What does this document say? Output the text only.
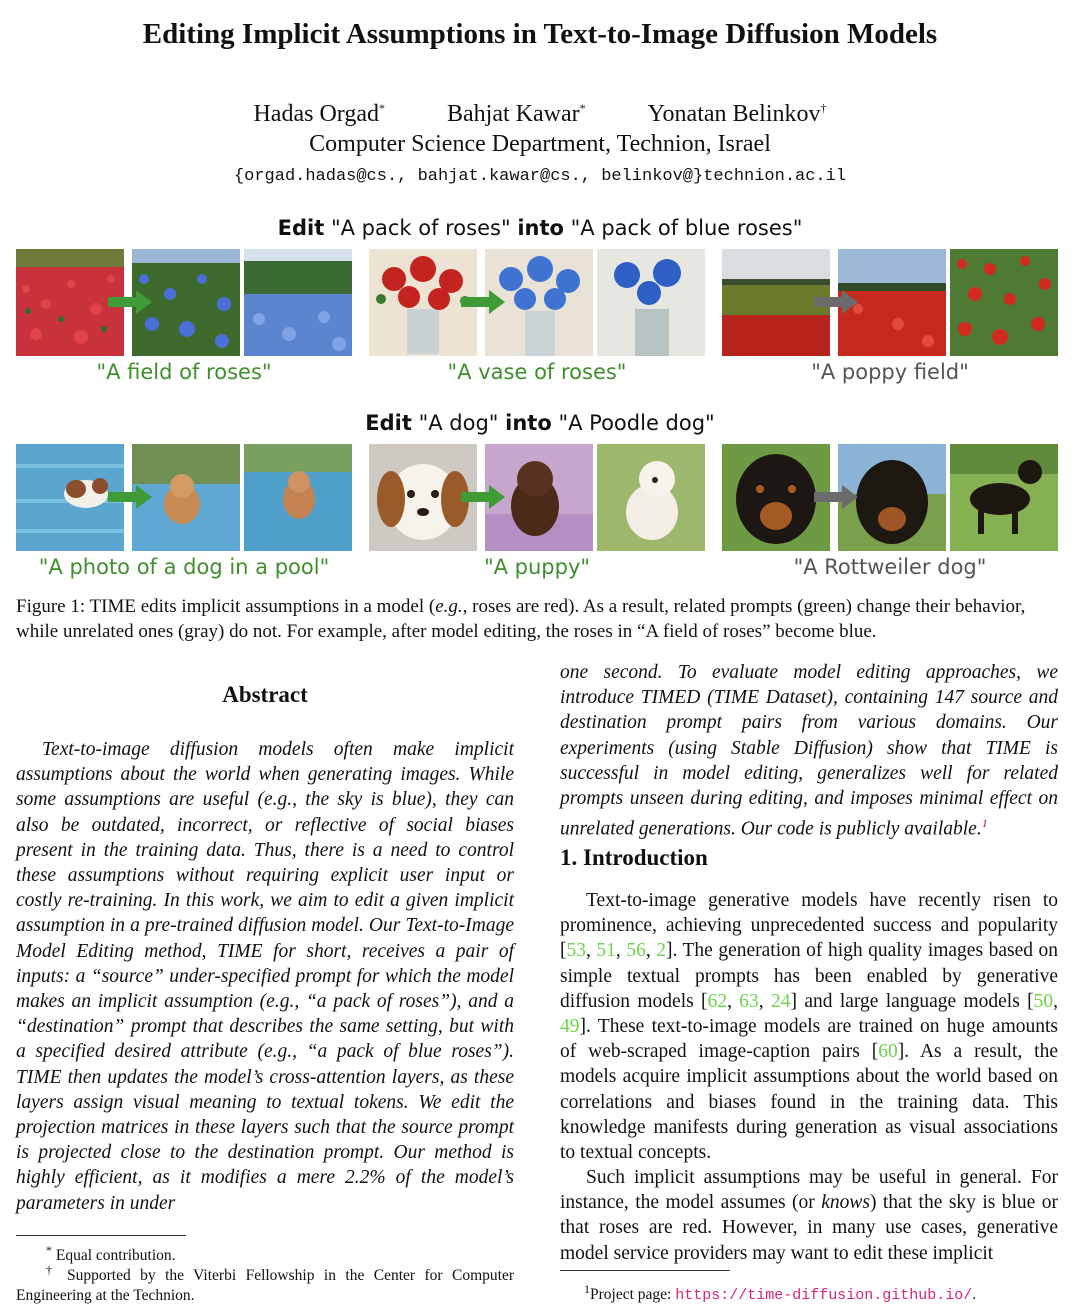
Editing Implicit Assumptions in Text-to-Image Diffusion Models
Hadas Orgad*	Bahjat Kawar*	Yonatan Belinkov†
Computer Science Department, Technion, Israel
{orgad.hadas@cs., bahjat.kawar@cs., belinkov@}technion.ac.il
Edit "A pack of roses" into "A pack of blue roses"
"A field of roses"	"A vase of roses"	"A poppy field"
Edit "A dog" into "A Poodle dog"
"A photo of a dog in a pool"	"A puppy"	"A Rottweiler dog"
Figure 1: TIME edits implicit assumptions in a model (e.g., roses are red). As a result, related prompts (green) change their behavior, while unrelated ones (gray) do not. For example, after model editing, the roses in “A field of roses” become blue.
Abstract
Text-to-image diffusion models often make implicit assumptions about the world when generating images. While some assumptions are useful (e.g., the sky is blue), they can also be outdated, incorrect, or reflective of social biases present in the training data. Thus, there is a need to control these assumptions without requiring explicit user input or costly re-training. In this work, we aim to edit a given implicit assumption in a pre-trained diffusion model. Our Text-to-Image Model Editing method, TIME for short, receives a pair of inputs: a “source” under-specified prompt for which the model makes an implicit assumption (e.g., “a pack of roses”), and a “destination” prompt that describes the same setting, but with a specified desired attribute (e.g., “a pack of blue roses”). TIME then updates the model’s cross-attention layers, as these layers assign visual meaning to textual tokens. We edit the projection matrices in these layers such that the source prompt is projected close to the destination prompt. Our method is highly efficient, as it modifies a mere 2.2% of the model’s parameters in under
one second. To evaluate model editing approaches, we introduce TIMED (TIME Dataset), containing 147 source and destination prompt pairs from various domains. Our experiments (using Stable Diffusion) show that TIME is successful in model editing, generalizes well for related prompts unseen during editing, and imposes minimal effect on unrelated generations. Our code is publicly available.$^1$
1. Introduction
Text-to-image generative models have recently risen to prominence, achieving unprecedented success and popularity [53, 51, 56, 2]. The generation of high quality images based on simple textual prompts has been enabled by generative diffusion models [62, 63, 24] and large language models [50, 49]. These text-to-image models are trained on huge amounts of web-scraped image-caption pairs [60]. As a result, the models acquire implicit assumptions about the world based on correlations and biases found in the training data. This knowledge manifests during generation as visual associations to textual concepts.
Such implicit assumptions may be useful in general. For instance, the model assumes (or knows) that the sky is blue or that roses are red. However, in many use cases, generative model service providers may want to edit these implicit
* Equal contribution.
† Supported by the Viterbi Fellowship in the Center for Computer Engineering at the Technion.	$^1$Project page: https://time-diffusion.github.io/.
